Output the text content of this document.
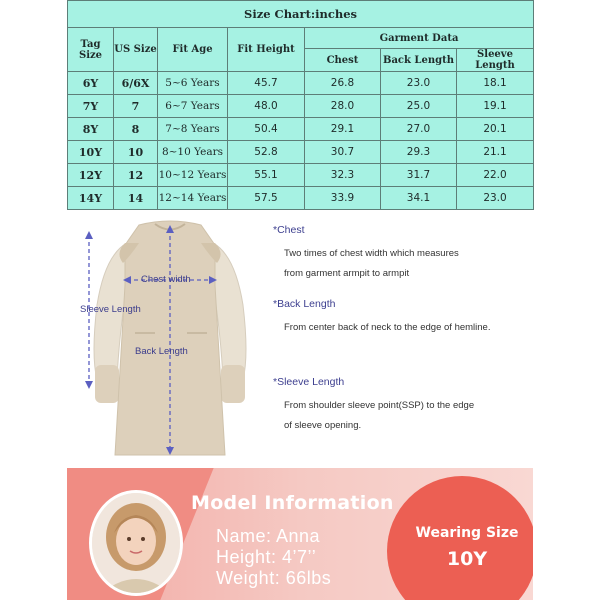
Size Chart:inches						
Tag Size	US Size	Fit Age	Fit Height	Garment Data		
				Chest	Back Length	Sleeve Length
6Y	6/6X	5~6 Years	45.7	26.8	23.0	18.1
7Y	7	6~7 Years	48.0	28.0	25.0	19.1
8Y	8	7~8 Years	50.4	29.1	27.0	20.1
10Y	10	8~10 Years	52.8	30.7	29.3	21.1
12Y	12	10~12 Years	55.1	32.3	31.7	22.0
14Y	14	12~14 Years	57.5	33.9	34.1	23.0
Chest width
Sleeve Length
Back Length
*Chest
Two times of chest width which measures
from garment armpit to armpit
*Back Length
From center back of neck to the edge of hemline.
*Sleeve Length
From shoulder sleeve point(SSP) to the edge
of sleeve opening.
Model Information
Name: Anna
Height: 4’7’’
Weight: 66lbs
Wearing Size
10Y
